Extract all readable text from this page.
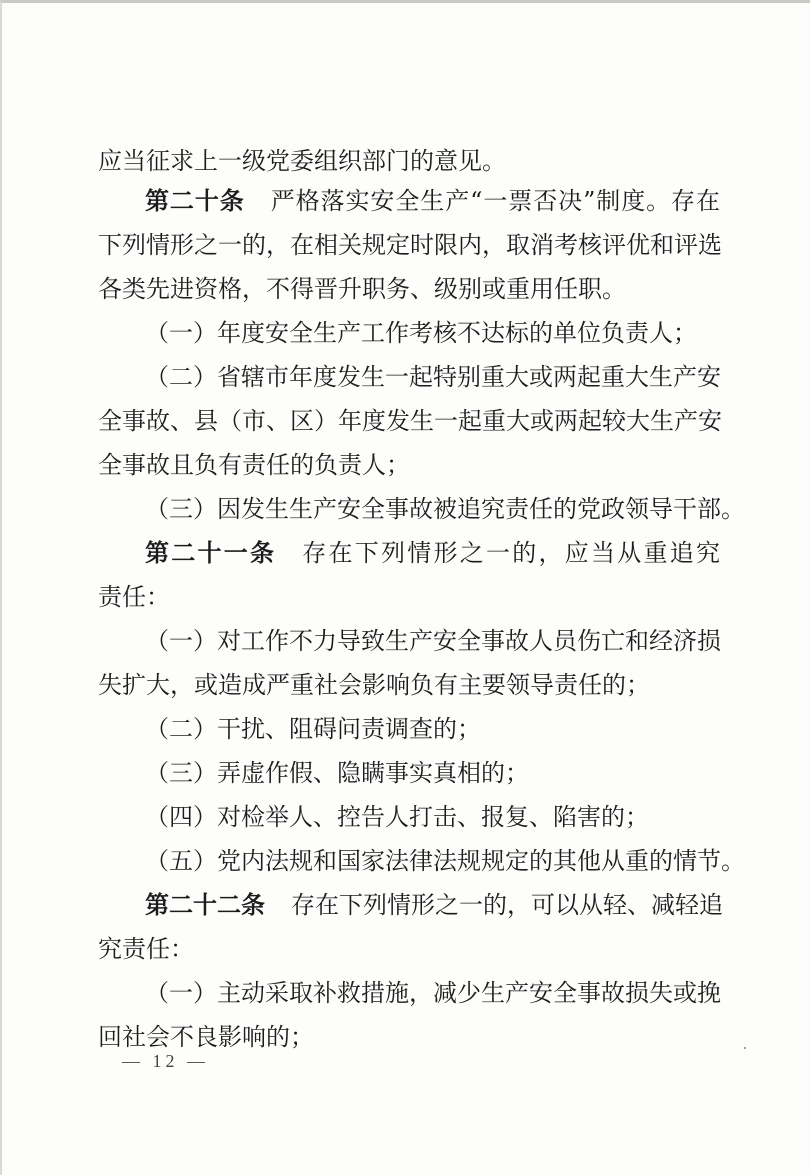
应当征求上一级党委组织部门的意见。
第二十条 严格落实安全生产“一票否决”制度。存在
下列情形之一的，在相关规定时限内，取消考核评优和评选
各类先进资格，不得晋升职务、级别或重用任职。
（一）年度安全生产工作考核不达标的单位负责人；
（二）省辖市年度发生一起特别重大或两起重大生产安
全事故、县（市、区）年度发生一起重大或两起较大生产安
全事故且负有责任的负责人；
（三）因发生生产安全事故被追究责任的党政领导干部。
第二十一条 存在下列情形之一的，应当从重追究
责任：
（一）对工作不力导致生产安全事故人员伤亡和经济损
失扩大，或造成严重社会影响负有主要领导责任的；
（二）干扰、阻碍问责调查的；
（三）弄虚作假、隐瞒事实真相的；
（四）对检举人、控告人打击、报复、陷害的；
（五）党内法规和国家法律法规规定的其他从重的情节。
第二十二条 存在下列情形之一的，可以从轻、减轻追
究责任：
（一）主动采取补救措施，减少生产安全事故损失或挽
回社会不良影响的；
— 12 —
